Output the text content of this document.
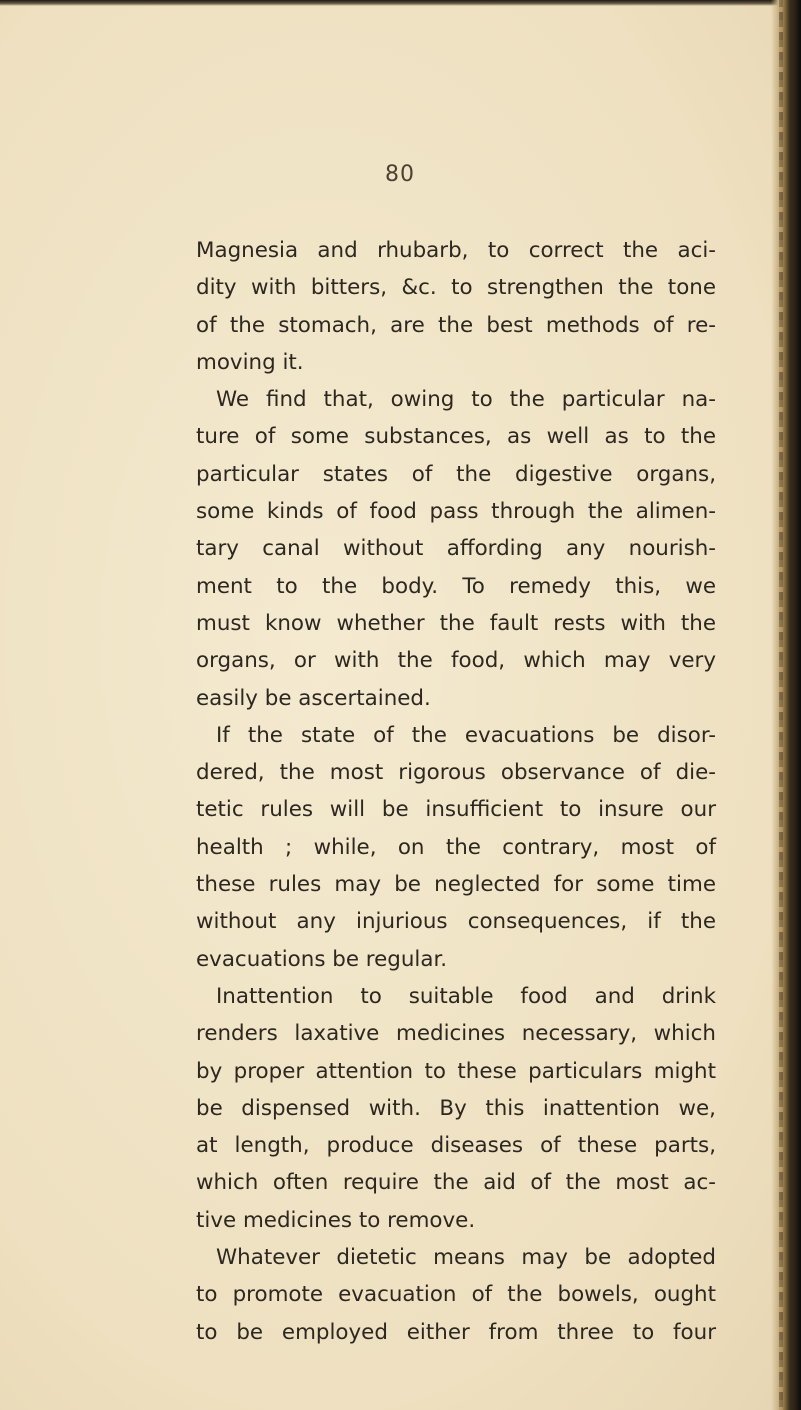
80

Magnesia and rhubarb, to correct the aci-
dity with bitters, &c. to strengthen the tone
of the stomach, are the best methods of re-
moving it.
We find that, owing to the particular na-
ture of some substances, as well as to the
particular states of the digestive organs,
some kinds of food pass through the alimen-
tary canal without affording any nourish-
ment to the body. To remedy this, we
must know whether the fault rests with the
organs, or with the food, which may very
easily be ascertained.
If the state of the evacuations be disor-
dered, the most rigorous observance of die-
tetic rules will be insufficient to insure our
health ; while, on the contrary, most of
these rules may be neglected for some time
without any injurious consequences, if the
evacuations be regular.
Inattention to suitable food and drink
renders laxative medicines necessary, which
by proper attention to these particulars might
be dispensed with. By this inattention we,
at length, produce diseases of these parts,
which often require the aid of the most ac-
tive medicines to remove.
Whatever dietetic means may be adopted
to promote evacuation of the bowels, ought
to be employed either from three to four
